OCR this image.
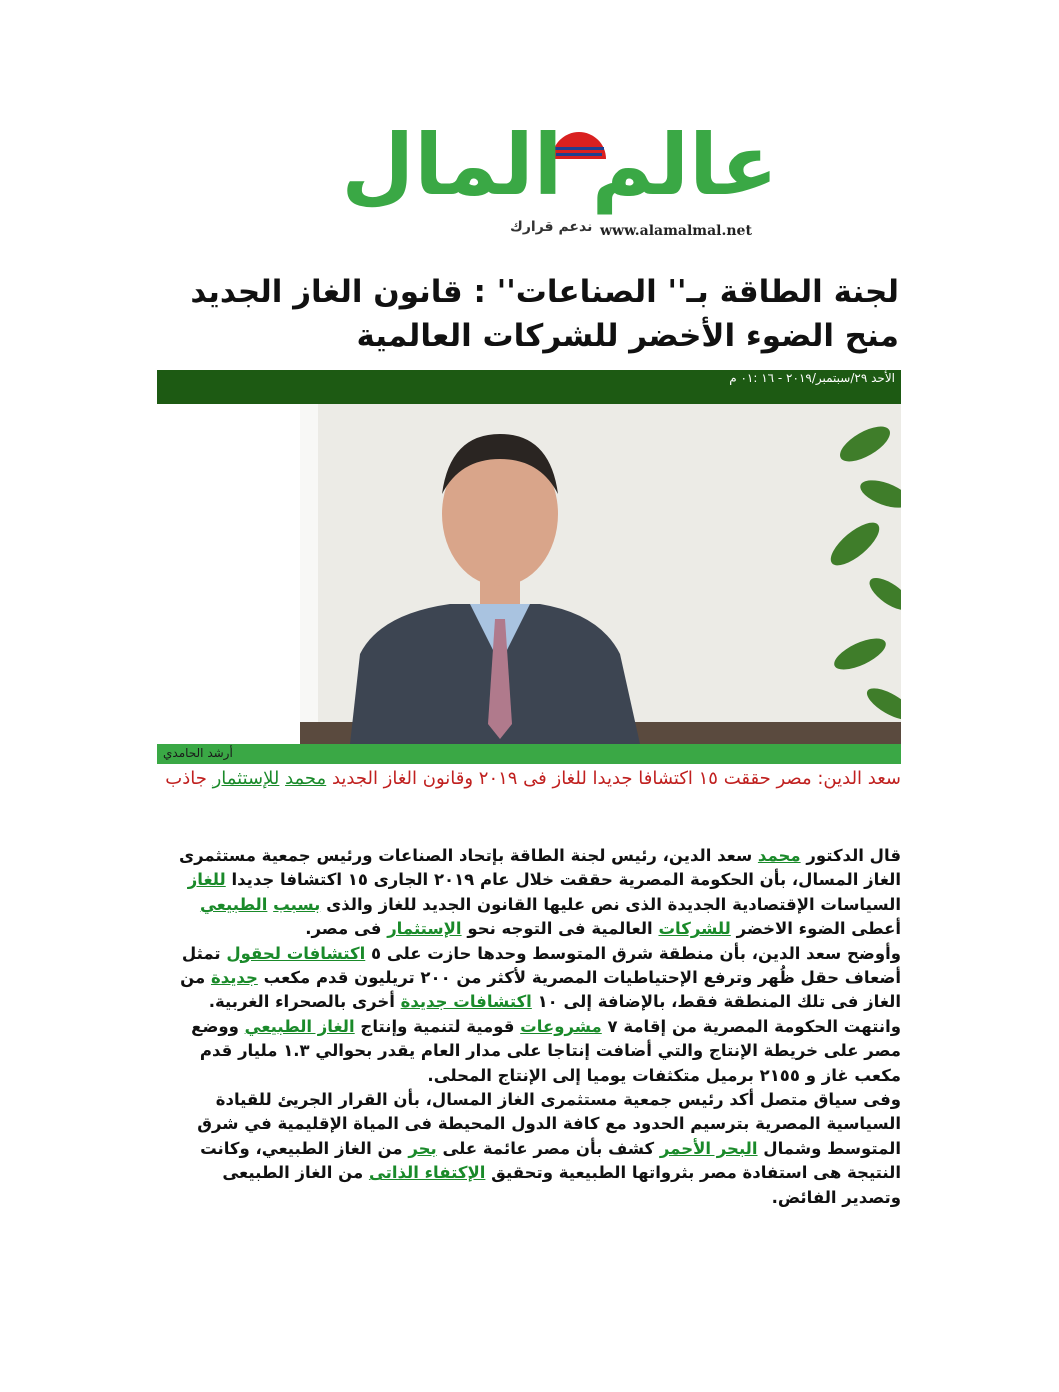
عالم المال
ندعم قرارك www.alamalmal.net
لجنة الطاقة بـ'' الصناعات'' : قانون الغاز الجديد منح الضوء الأخضر للشركات العالمية
الأحد ٢٩/سبتمبر/٢٠١٩ - ١٦ :٠١ م
أرشد الحامدي

سعد الدين: مصر حققت ١٥ اكتشافا جديدا للغاز فى ٢٠١٩ وقانون الغاز الجديد محمد للإستثمار جاذب

قال الدكتور محمد سعد الدين، رئيس لجنة الطاقة بإتحاد الصناعات ورئيس جمعية مستثمرى الغاز المسال، بأن الحكومة المصرية حققت خلال عام ٢٠١٩ الجارى ١٥ اكتشافا جديدا للغاز السياسات الإقتصادية الجديدة الذى نص عليها القانون الجديد للغاز والذى بسبب الطبيعي أعطى الضوء الاخضر للشركات العالمية فى التوجه نحو الإستثمار فى مصر.

وأوضح سعد الدين، بأن منطقة شرق المتوسط وحدها حازت على ٥ اكتشافات لحقول تمثل أضعاف حقل ظُهر وترفع الإحتياطيات المصرية لأكثر من ٢٠٠ تريليون قدم مكعب جديدة من الغاز فى تلك المنطقة فقط، بالإضافة إلى ١٠ اكتشافات جديدة أخرى بالصحراء الغربية.

وانتهت الحكومة المصرية من إقامة ٧ مشروعات قومية لتنمية وإنتاج الغاز الطبيعي ووضع مصر على خريطة الإنتاج والتي أضافت إنتاجا على مدار العام يقدر بحوالي ١.٣ مليار قدم مكعب غاز و ٢١٥٥ برميل متكثفات يوميا إلى الإنتاج المحلى.

وفى سياق متصل أكد رئيس جمعية مستثمرى الغاز المسال، بأن القرار الجريئ للقيادة السياسية المصرية بترسيم الحدود مع كافة الدول المحيطة فى المياة الإقليمية في شرق المتوسط وشمال البحر الأحمر كشف بأن مصر عائمة على بحر من الغاز الطبيعي، وكانت النتيجة هى استفادة مصر بثرواتها الطبيعية وتحقيق الإكتفاء الذاتى من الغاز الطبيعى وتصدير الفائض.
